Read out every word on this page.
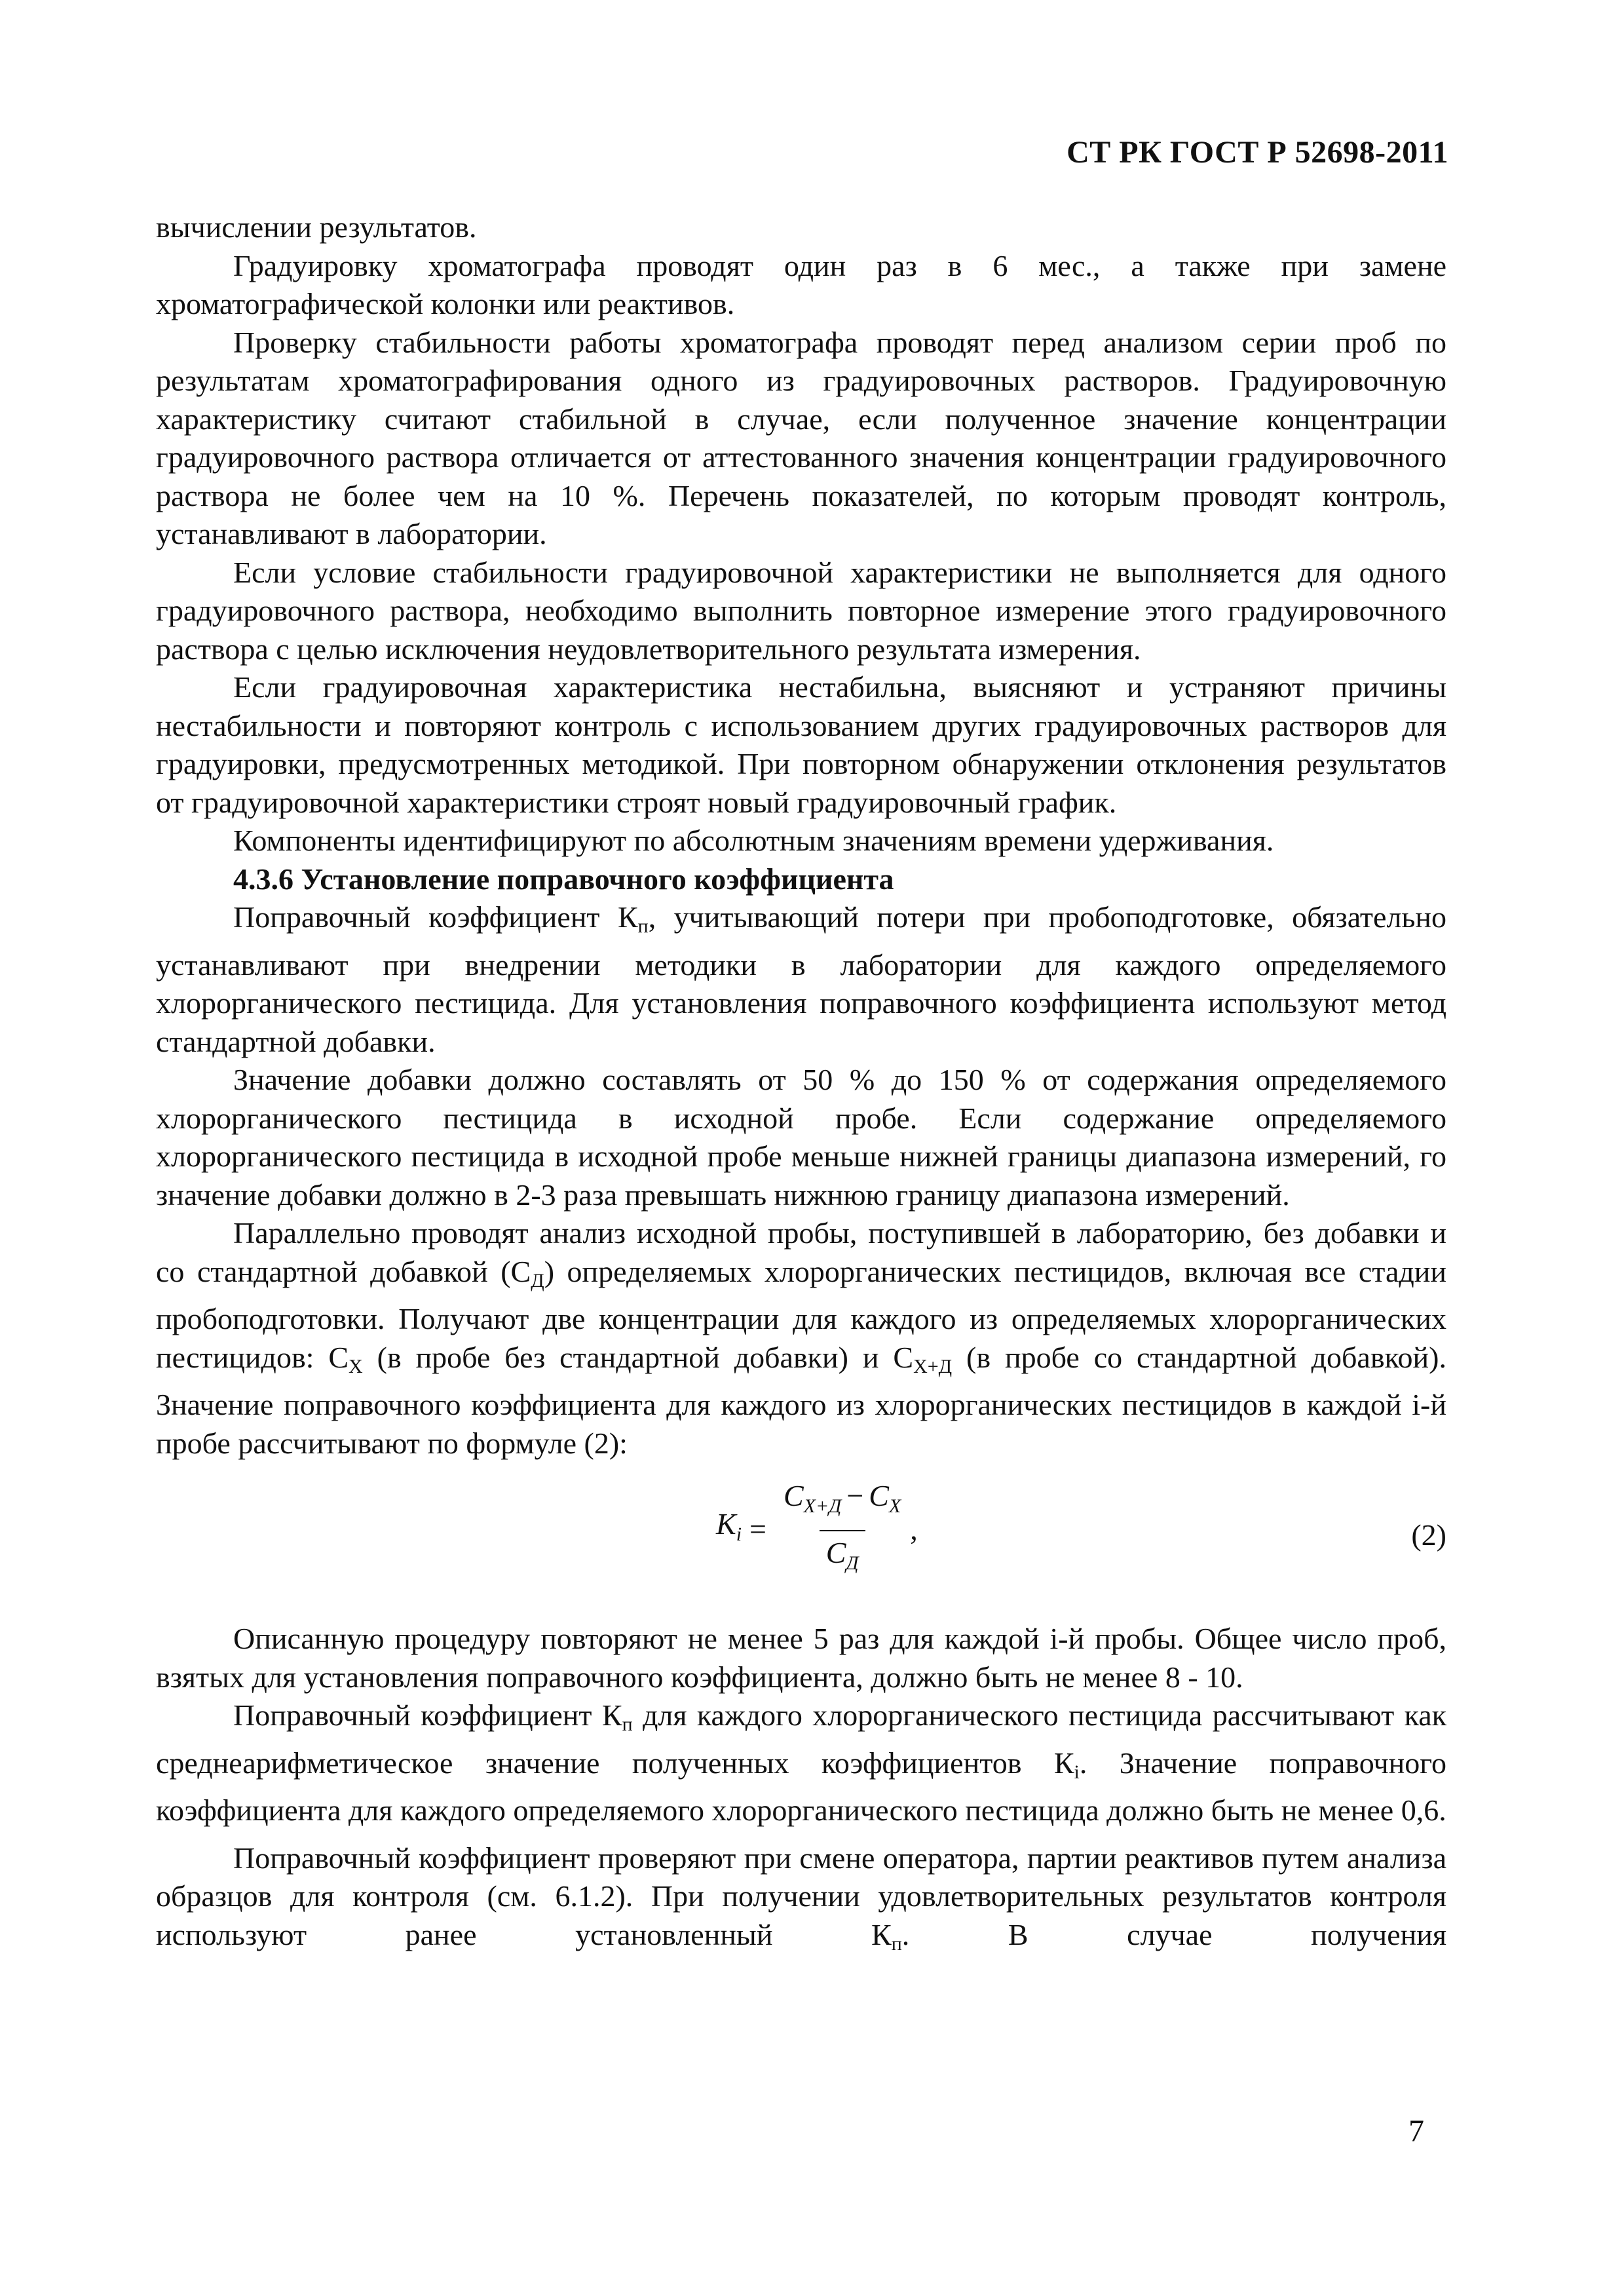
СТ РК ГОСТ Р 52698-2011

вычислении результатов.

Градуировку хроматографа проводят один раз в 6 мес., а также при замене хроматографической колонки или реактивов.

Проверку стабильности работы хроматографа проводят перед анализом серии проб по результатам хроматографирования одного из градуировочных растворов. Градуировочную характеристику считают стабильной в случае, если полученное значение концентрации градуировочного раствора отличается от аттестованного значения концентрации градуировочного раствора не более чем на 10 %. Перечень показателей, по которым проводят контроль, устанавливают в лаборатории.

Если условие стабильности градуировочной характеристики не выполняется для одного градуировочного раствора, необходимо выполнить повторное измерение этого градуировочного раствора с целью исключения неудовлетворительного результата измерения.

Если градуировочная характеристика нестабильна, выясняют и устраняют причины нестабильности и повторяют контроль с использованием других градуировочных растворов для градуировки, предусмотренных методикой. При повторном обнаружении отклонения результатов от градуировочной характеристики строят новый градуировочный график.

Компоненты идентифицируют по абсолютным значениям времени удерживания.

4.3.6 Установление поправочного коэффициента

Поправочный коэффициент Кп, учитывающий потери при пробоподготовке, обязательно устанавливают при внедрении методики в лаборатории для каждого определяемого хлорорганического пестицида. Для установления поправочного коэффициента используют метод стандартной добавки.

Значение добавки должно составлять от 50 % до 150 % от содержания определяемого хлорорганического пестицида в исходной пробе. Если содержание определяемого хлорорганического пестицида в исходной пробе меньше нижней границы диапазона измерений, го значение добавки должно в 2-3 раза превышать нижнюю границу диапазона измерений.

Параллельно проводят анализ исходной пробы, поступившей в лабораторию, без добавки и со стандартной добавкой (СД) определяемых хлорорганических пестицидов, включая все стадии пробоподготовки. Получают две концентрации для каждого из определяемых хлорорганических пестицидов: СХ (в пробе без стандартной добавки) и СХ+Д (в пробе со стандартной добавкой). Значение поправочного коэффициента для каждого из хлорорганических пестицидов в каждой і-й пробе рассчитывают по формуле (2):

$K_i = \frac{C_{X+Д} - C_X}{C_Д}$ ,	(2)

Описанную процедуру повторяют не менее 5 раз для каждой і-й пробы. Общее число проб, взятых для установления поправочного коэффициента, должно быть не менее 8 - 10.

Поправочный коэффициент Кп для каждого хлорорганического пестицида рассчитывают как среднеарифметическое значение полученных коэффициентов Кі. Значение поправочного коэффициента для каждого определяемого хлорорганического пестицида должно быть не менее 0,6.

Поправочный коэффициент проверяют при смене оператора, партии реактивов путем анализа образцов для контроля (см. 6.1.2). При получении удовлетворительных результатов контроля используют ранее установленный Кп. В случае получения

7
